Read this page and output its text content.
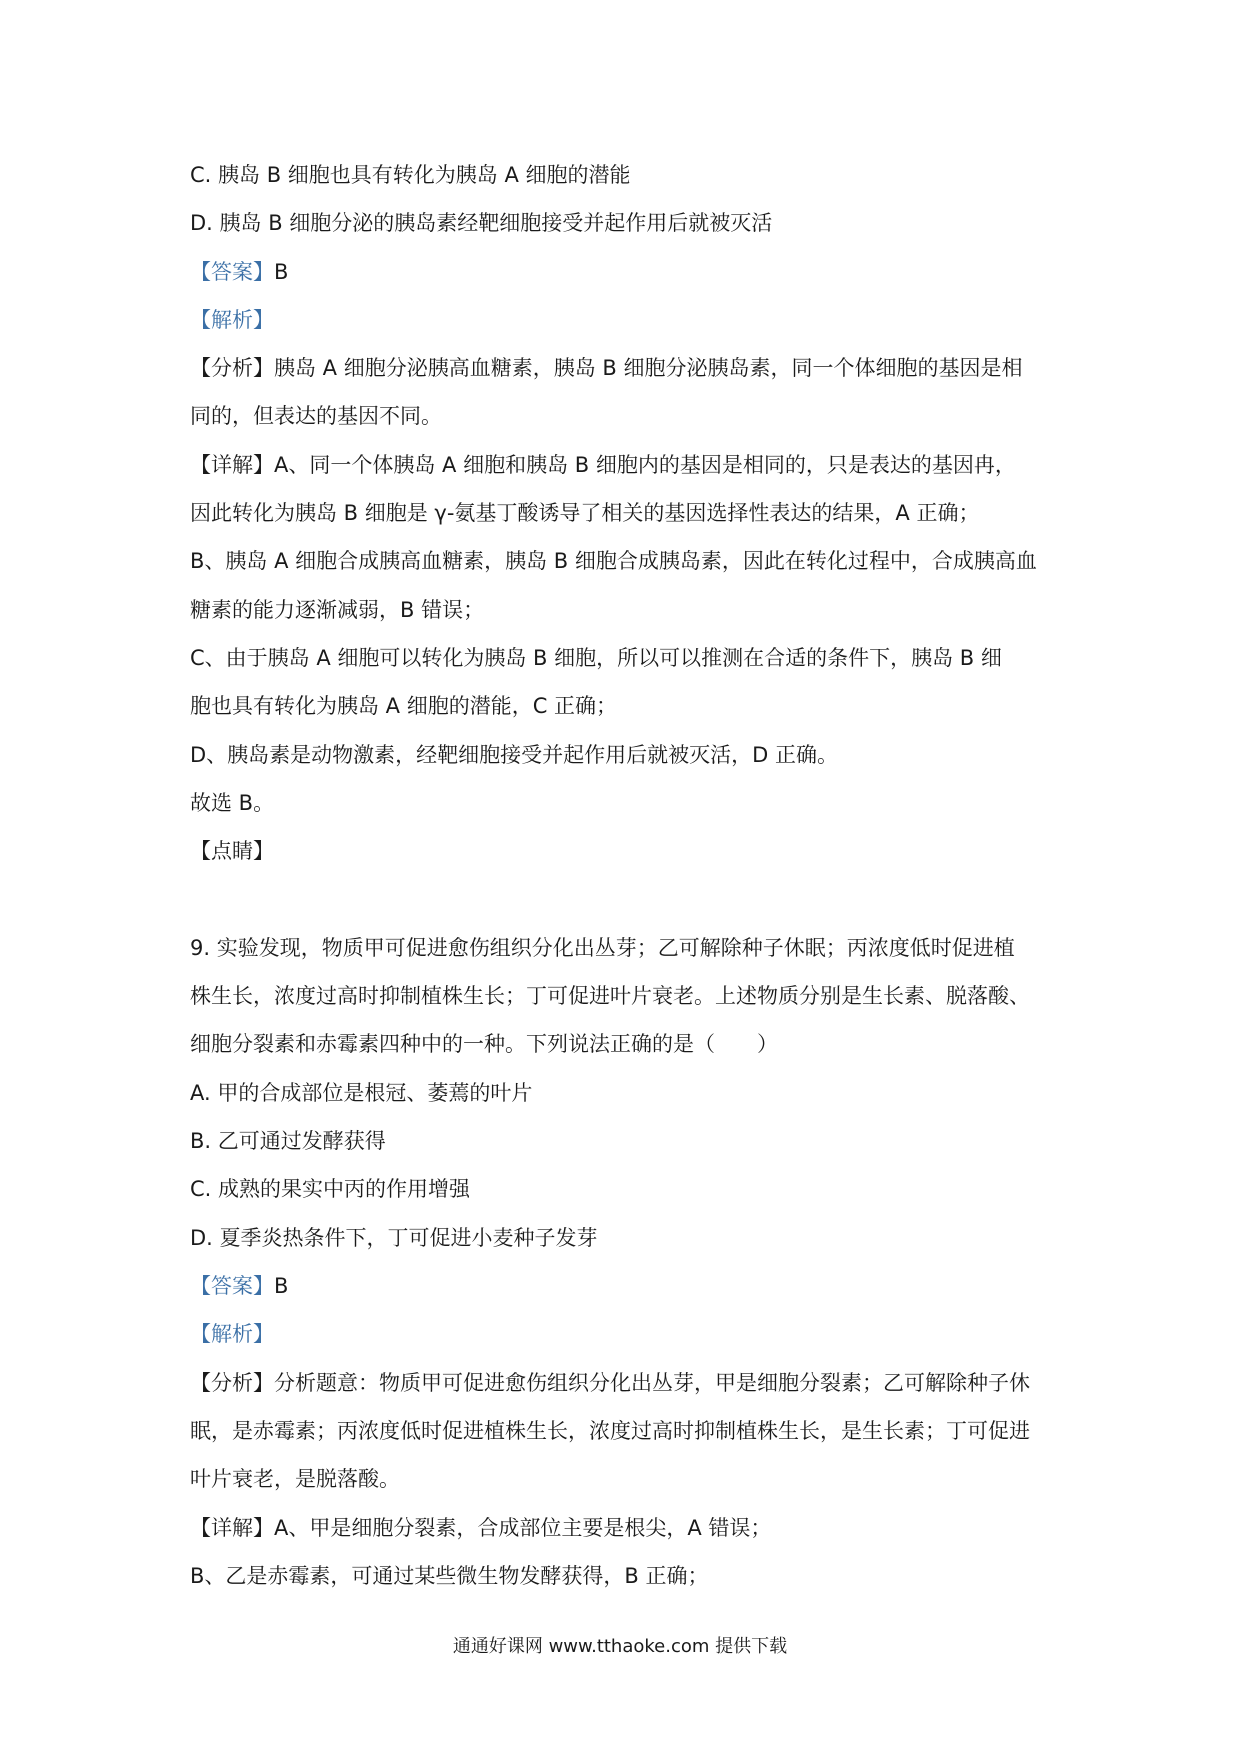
C. 胰岛 B 细胞也具有转化为胰岛 A 细胞的潜能
D. 胰岛 B 细胞分泌的胰岛素经靶细胞接受并起作用后就被灭活
【答案】B
【解析】
【分析】胰岛 A 细胞分泌胰高血糖素，胰岛 B 细胞分泌胰岛素，同一个体细胞的基因是相
同的，但表达的基因不同。
【详解】A、同一个体胰岛 A 细胞和胰岛 B 细胞内的基因是相同的，只是表达的基因冉，
因此转化为胰岛 B 细胞是 γ-氨基丁酸诱导了相关的基因选择性表达的结果，A 正确；
B、胰岛 A 细胞合成胰高血糖素，胰岛 B 细胞合成胰岛素，因此在转化过程中，合成胰高血
糖素的能力逐渐减弱，B 错误；
C、由于胰岛 A 细胞可以转化为胰岛 B 细胞，所以可以推测在合适的条件下，胰岛 B 细
胞也具有转化为胰岛 A 细胞的潜能，C 正确；
D、胰岛素是动物激素，经靶细胞接受并起作用后就被灭活，D 正确。
故选 B。
【点睛】
9. 实验发现，物质甲可促进愈伤组织分化出丛芽；乙可解除种子休眠；丙浓度低时促进植
株生长，浓度过高时抑制植株生长；丁可促进叶片衰老。上述物质分别是生长素、脱落酸、
细胞分裂素和赤霉素四种中的一种。下列说法正确的是（　　）
A. 甲的合成部位是根冠、萎蔫的叶片
B. 乙可通过发酵获得
C. 成熟的果实中丙的作用增强
D. 夏季炎热条件下，丁可促进小麦种子发芽
【答案】B
【解析】
【分析】分析题意：物质甲可促进愈伤组织分化出丛芽，甲是细胞分裂素；乙可解除种子休
眠，是赤霉素；丙浓度低时促进植株生长，浓度过高时抑制植株生长，是生长素；丁可促进
叶片衰老，是脱落酸。
【详解】A、甲是细胞分裂素，合成部位主要是根尖，A 错误；
B、乙是赤霉素，可通过某些微生物发酵获得，B 正确；
通通好课网 www.tthaoke.com 提供下载
